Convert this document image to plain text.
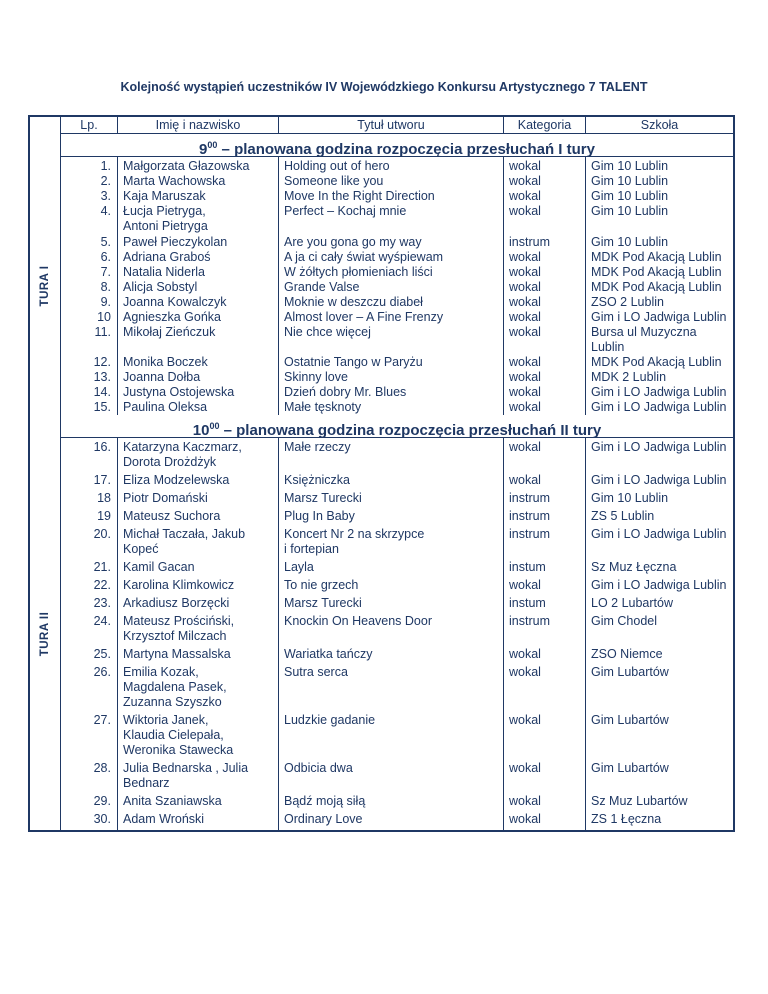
Kolejność wystąpień uczestników IV Wojewódzkiego Konkursu Artystycznego 7 TALENT
Lp.	Imię i nazwisko	Tytuł utworu	Kategoria	Szkoła
$9^{00}$ – planowana godzina rozpoczęcia przesłuchań I tury
TURA I
1. Małgorzata Głazowska	Holding out of hero	wokal	Gim 10 Lublin
2. Marta Wachowska	Someone like you	wokal	Gim 10 Lublin
3. Kaja Maruszak	Move In the Right Direction	wokal	Gim 10 Lublin
4. Łucja Pietryga,
Antoni Pietryga
Perfect – Kochaj mnie	wokal	Gim 10 Lublin
5. Paweł Pieczykolan	Are you gona go my way	instrum	Gim 10 Lublin
6. Adriana Graboś	A ja ci cały świat wyśpiewam	wokal	MDK Pod Akacją Lublin
7. Natalia Niderla	W żółtych płomieniach liści	wokal	MDK Pod Akacją Lublin
8. Alicja Sobstyl	Grande Valse	wokal	MDK Pod Akacją Lublin
9. Joanna Kowalczyk	Moknie w deszczu diabeł	wokal	ZSO 2 Lublin
10 Agnieszka Gońka	Almost lover – A Fine Frenzy	wokal	Gim i LO Jadwiga Lublin
11. Mikołaj Zieńczuk	Nie chce więcej	wokal	Bursa ul Muzyczna Lublin
12. Monika Boczek	Ostatnie Tango w Paryżu	wokal	MDK Pod Akacją Lublin
13. Joanna Dołba	Skinny love	wokal	MDK 2 Lublin
14. Justyna Ostojewska	Dzień dobry Mr. Blues	wokal	Gim i LO Jadwiga Lublin
15. Paulina Oleksa	Małe tęsknoty	wokal	Gim i LO Jadwiga Lublin
$10^{00}$ – planowana godzina rozpoczęcia przesłuchań II tury
TURA II
16. Katarzyna Kaczmarz,
Dorota Drożdżyk
Małe rzeczy	wokal	Gim i LO Jadwiga Lublin
17. Eliza Modzelewska	Księżniczka	wokal	Gim i LO Jadwiga Lublin
18 Piotr Domański	Marsz Turecki	instrum	Gim 10 Lublin
19 Mateusz Suchora	Plug In Baby	instrum	ZS 5 Lublin
20. Michał Taczała, Jakub
Kopeć
Koncert Nr 2 na skrzypce
i fortepian
instrum	Gim i LO Jadwiga Lublin
21. Kamil Gacan	Layla	instum	Sz Muz Łęczna
22. Karolina Klimkowicz	To nie grzech	wokal	Gim i LO Jadwiga Lublin
23. Arkadiusz Borzęcki	Marsz Turecki	instum	LO 2 Lubartów
24. Mateusz Prościński,
Krzysztof Milczach
Knockin On Heavens Door	instrum	Gim Chodel
25. Martyna Massalska	Wariatka tańczy	wokal	ZSO Niemce
26. Emilia Kozak,
Magdalena Pasek,
Zuzanna Szyszko
Sutra serca	wokal	Gim Lubartów
27. Wiktoria Janek,
Klaudia Cielepała,
Weronika Stawecka
Ludzkie gadanie	wokal	Gim Lubartów
28. Julia Bednarska , Julia
Bednarz
Odbicia dwa	wokal	Gim Lubartów
29. Anita Szaniawska	Bądź moją siłą	wokal	Sz Muz Lubartów
30. Adam Wroński	Ordinary Love	wokal	ZS 1 Łęczna
